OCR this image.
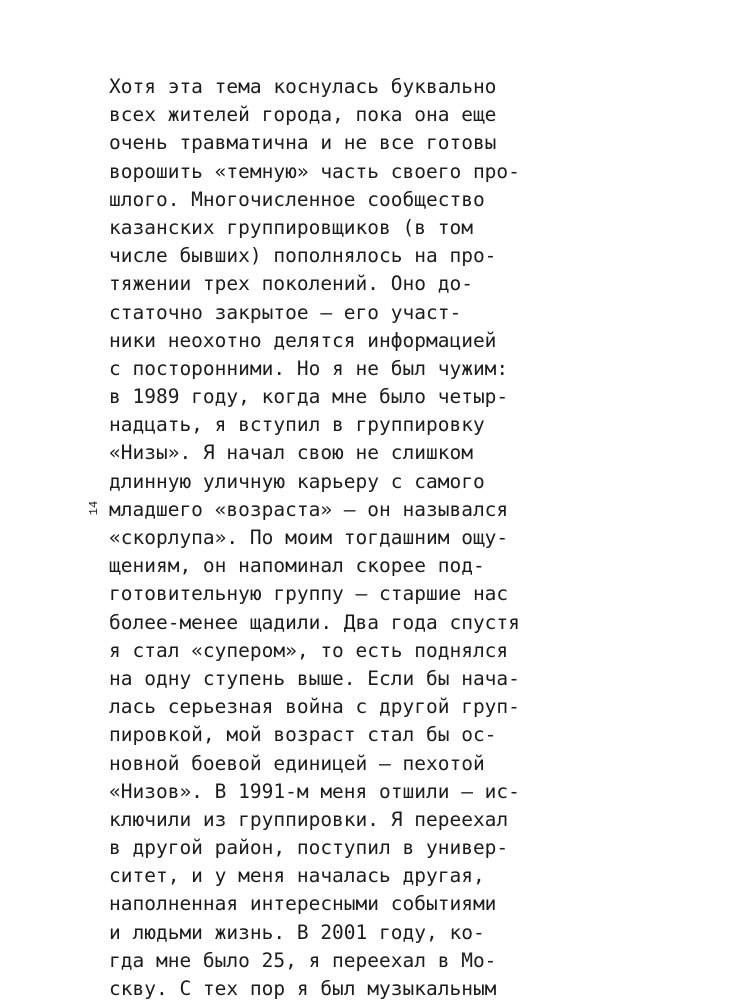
14
Хотя эта тема коснулась буквально
всех жителей города, пока она еще
очень травматична и не все готовы
ворошить «темную» часть своего про-
шлого. Многочисленное сообщество
казанских группировщиков (в том
числе бывших) пополнялось на про-
тяжении трех поколений. Оно до-
статочно закрытое — его участ-
ники неохотно делятся информацией
с посторонними. Но я не был чужим:
в 1989 году, когда мне было четыр-
надцать, я вступил в группировку
«Низы». Я начал свою не слишком
длинную уличную карьеру с самого
младшего «возраста» — он назывался
«скорлупа». По моим тогдашним ощу-
щениям, он напоминал скорее под-
готовительную группу — старшие нас
более-менее щадили. Два года спустя
я стал «супером», то есть поднялся
на одну ступень выше. Если бы нача-
лась серьезная война с другой груп-
пировкой, мой возраст стал бы ос-
новной боевой единицей — пехотой
«Низов». В 1991-м меня отшили — ис-
ключили из группировки. Я переехал
в другой район, поступил в универ-
ситет, и у меня началась другая,
наполненная интересными событиями
и людьми жизнь. В 2001 году, ко-
гда мне было 25, я переехал в Мо-
скву. С тех пор я был музыкальным
